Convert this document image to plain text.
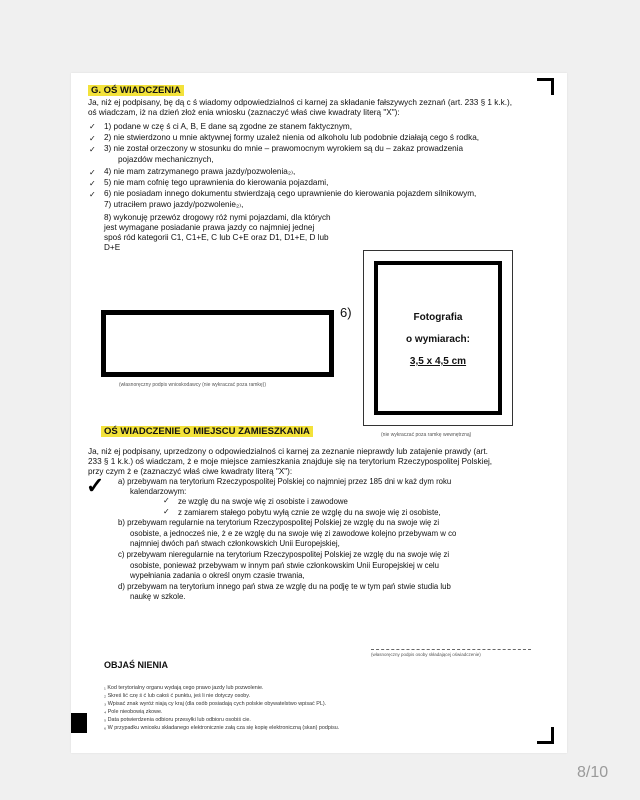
G. OŚ WIADCZENIA
Ja, niż ej podpisany, bę dą c ś wiadomy odpowiedzialnoś ci karnej za składanie fałszywych zeznań (art. 233 § 1 k.k.),
oś wiadczam, iż na dzień złoż enia wniosku (zaznaczyć właś ciwe kwadraty literą "X"):
✓
✓
✓
✓
✓
✓
1) podane w czę ś ci A, B, E dane są zgodne ze stanem faktycznym,
2) nie stwierdzono u mnie aktywnej formy uzależ nienia od alkoholu lub podobnie działają cego ś rodka,
3) nie został orzeczony w stosunku do mnie – prawomocnym wyrokiem są du – zakaz prowadzenia
pojazdów mechanicznych,
4) nie mam zatrzymanego prawa jazdy/pozwolenia₂₎,
5) nie mam cofnię tego uprawnienia do kierowania pojazdami,
6) nie posiadam innego dokumentu stwierdzają cego uprawnienie do kierowania pojazdem silnikowym,
7) utraciłem prawo jazdy/pozwolenie₂₎,
8) wykonuję przewóz drogowy róż nymi pojazdami, dla których
jest wymagane posiadanie prawa jazdy co najmniej jednej
spoś ród kategorii C1, C1+E, C lub C+E oraz D1, D1+E, D lub
D+E
6)
(własnoręczny podpis wnioskodawcy (nie wykraczać poza ramkę))
Fotografia
o wymiarach:
3,5 x 4,5 cm
(nie wykraczać poza ramkę wewnętrzną)
OŚ WIADCZENIE O MIEJSCU ZAMIESZKANIA
Ja, niż ej podpisany, uprzedzony o odpowiedzialnoś ci karnej za zeznanie nieprawdy lub zatajenie prawdy (art.
233 § 1 k.k.) oś wiadczam, ż e moje miejsce zamieszkania znajduje się na terytorium Rzeczypospolitej Polskiej,
przy czym ż e (zaznaczyć właś ciwe kwadraty literą "X"):
✓ a) przebywam na terytorium Rzeczypospolitej Polskiej co najmniej przez 185 dni w każ dym roku
kalendarzowym:
✓ ze wzglę du na swoje wię zi osobiste i zawodowe
✓ z zamiarem stałego pobytu wyłą cznie ze wzglę du na swoje wię zi osobiste,
b) przebywam regularnie na terytorium Rzeczypospolitej Polskiej ze wzglę du na swoje wię zi
osobiste, a jednocześ nie, ż e ze wzglę du na swoje wię zi zawodowe kolejno przebywam w co
najmniej dwóch pań stwach członkowskich Unii Europejskiej,
c) przebywam nieregularnie na terytorium Rzeczypospolitej Polskiej ze wzglę du na swoje wię zi
osobiste, ponieważ przebywam w innym pań stwie członkowskim Unii Europejskiej w celu
wypełniania zadania o określ onym czasie trwania,
d) przebywam na terytorium innego pań stwa ze wzglę du na podję te w tym pań stwie studia lub
naukę w szkole.
(własnoręczny podpis osoby składającej oświadczenie)
OBJAŚ NIENIA
₁ Kod terytorialny organu wydają cego prawo jazdy lub pozwolenie.
₂ Skreś lić czę ś ć lub całoś ć punktu, jeś li nie dotyczy osoby.
₃ Wpisać znak wyróż niają cy kraj (dla osób posiadają cych polskie obywatelstwo wpisać PL).
₄ Pole nieobowią zkowe.
₅ Data potwierdzenia odbioru przesyłki lub odbioru osobiś cie.
₆ W przypadku wniosku składanego elektronicznie załą cza się kopię elektroniczną (skan) podpisu.
8/10
